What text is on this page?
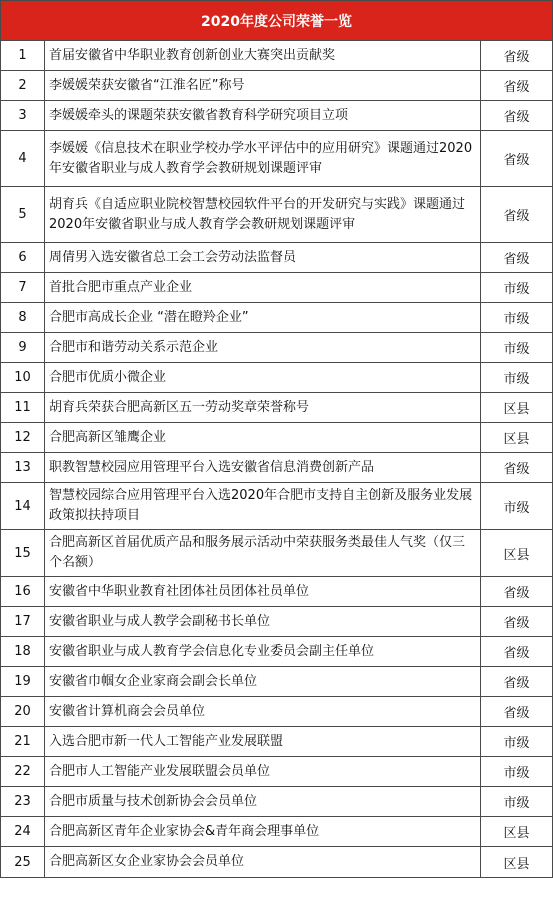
2020年度公司荣誉一览		
1	首届安徽省中华职业教育创新创业大赛突出贡献奖	省级
2	李媛媛荣获安徽省“江淮名匠”称号	省级
3	李媛媛牵头的课题荣获安徽省教育科学研究项目立项	省级
4	李媛媛《信息技术在职业学校办学水平评估中的应用研究》课题通过2020年安徽省职业与成人教育学会教研规划课题评审	省级
5	胡育兵《自适应职业院校智慧校园软件平台的开发研究与实践》课题通过2020年安徽省职业与成人教育学会教研规划课题评审	省级
6	周倩男入选安徽省总工会工会劳动法监督员	省级
7	首批合肥市重点产业企业	市级
8	合肥市高成长企业 “潜在瞪羚企业”	市级
9	合肥市和谐劳动关系示范企业	市级
10	合肥市优质小微企业	市级
11	胡育兵荣获合肥高新区五一劳动奖章荣誉称号	区县
12	合肥高新区雏鹰企业	区县
13	职教智慧校园应用管理平台入选安徽省信息消费创新产品	省级
14	智慧校园综合应用管理平台入选2020年合肥市支持自主创新及服务业发展政策拟扶持项目	市级
15	合肥高新区首届优质产品和服务展示活动中荣获服务类最佳人气奖（仅三个名额）	区县
16	安徽省中华职业教育社团体社员团体社员单位	省级
17	安徽省职业与成人教学会副秘书长单位	省级
18	安徽省职业与成人教育学会信息化专业委员会副主任单位	省级
19	安徽省巾帼女企业家商会副会长单位	省级
20	安徽省计算机商会会员单位	省级
21	入选合肥市新一代人工智能产业发展联盟	市级
22	合肥市人工智能产业发展联盟会员单位	市级
23	合肥市质量与技术创新协会会员单位	市级
24	合肥高新区青年企业家协会&青年商会理事单位	区县
25	合肥高新区女企业家协会会员单位	区县
